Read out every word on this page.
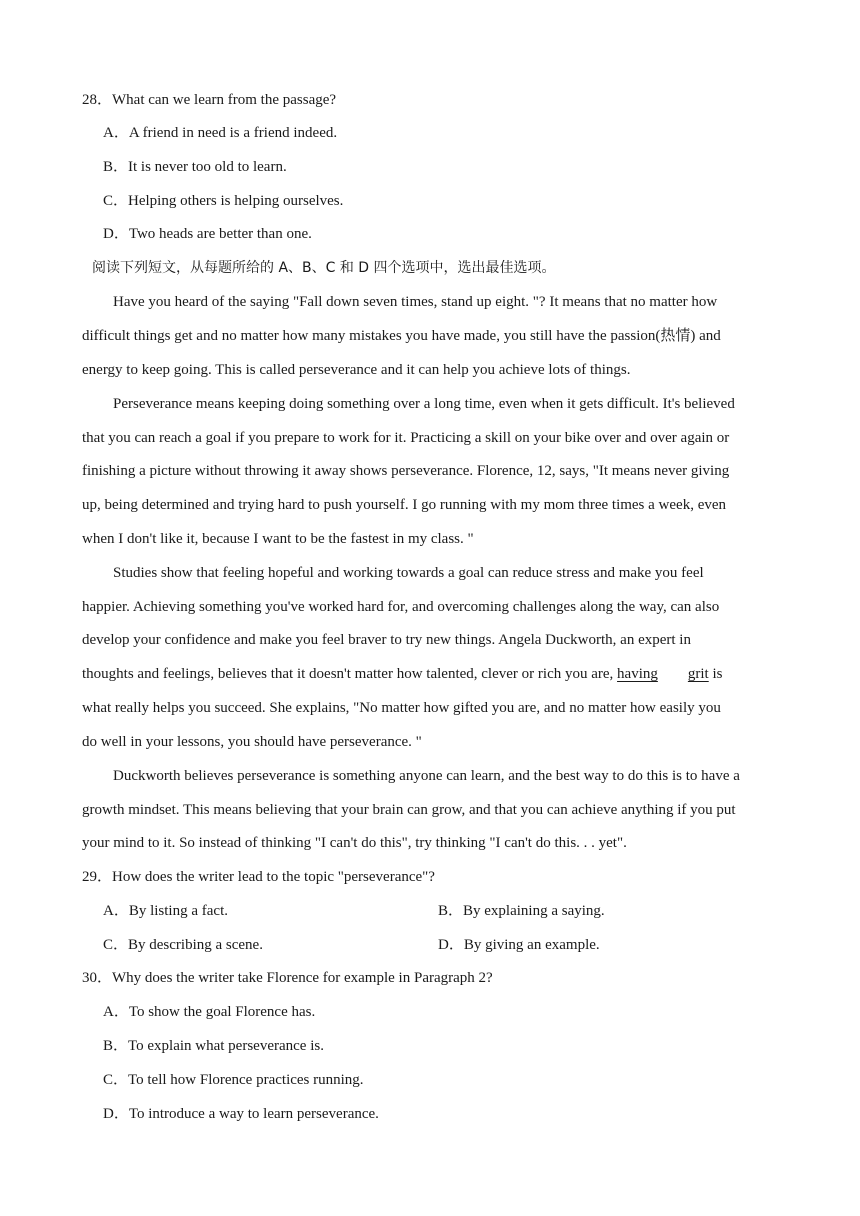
28．What can we learn from the passage?
A．A friend in need is a friend indeed.
B．It is never too old to learn.
C．Helping others is helping ourselves.
D．Two heads are better than one.
阅读下列短文，从每题所给的 A、B、C 和 D 四个选项中，选出最佳选项。
Have you heard of the saying "Fall down seven times, stand up eight. "? It means that no matter how
difficult things get and no matter how many mistakes you have made, you still have the passion(热情) and
energy to keep going. This is called perseverance and it can help you achieve lots of things.
Perseverance means keeping doing something over a long time, even when it gets difficult. It's believed
that you can reach a goal if you prepare to work for it. Practicing a skill on your bike over and over again or
finishing a picture without throwing it away shows perseverance. Florence, 12, says, "It means never giving
up, being determined and trying hard to push yourself. I go running with my mom three times a week, even
when I don't like it, because I want to be the fastest in my class. "
Studies show that feeling hopeful and working towards a goal can reduce stress and make you feel
happier. Achieving something you've worked hard for, and overcoming challenges along the way, can also
develop your confidence and make you feel braver to try new things. Angela Duckworth, an expert in
thoughts and feelings, believes that it doesn't matter how talented, clever or rich you are, having grit is
what really helps you succeed. She explains, "No matter how gifted you are, and no matter how easily you
do well in your lessons, you should have perseverance. "
Duckworth believes perseverance is something anyone can learn, and the best way to do this is to have a
growth mindset. This means believing that your brain can grow, and that you can achieve anything if you put
your mind to it. So instead of thinking "I can't do this", try thinking "I can't do this. . . yet".
29．How does the writer lead to the topic "perseverance"?
A．By listing a fact.	B．By explaining a saying.
C．By describing a scene.	D．By giving an example.
30．Why does the writer take Florence for example in Paragraph 2?
A．To show the goal Florence has.
B．To explain what perseverance is.
C．To tell how Florence practices running.
D．To introduce a way to learn perseverance.
